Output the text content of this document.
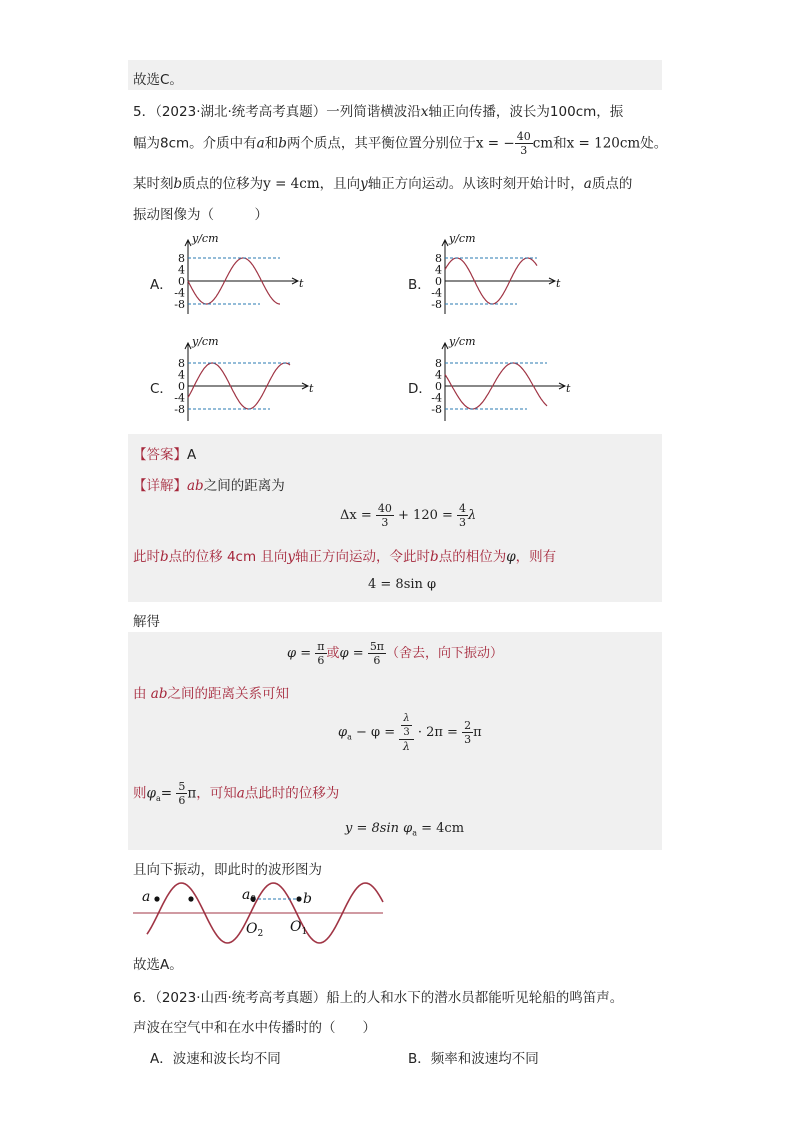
故选C。
5．（2023·湖北·统考高考真题）一列简谐横波沿x轴正向传播，波长为100cm，振
幅为8cm。介质中有a和b两个质点，其平衡位置分别位于x = − $\frac{40}{3}$ cm和x = 120cm处。
某时刻b质点的位移为y = 4cm，且向y轴正方向运动。从该时刻开始计时，a质点的
振动图像为（　　　）
A．
y/cm
t
8
4
0
-4
-8
B．
y/cm
t
8
4
0
-4
-8
C．
y/cm
t
8
4
0
-4
-8
D．
y/cm
t
8
4
0
-4
-8
【答案】A
【详解】ab之间的距离为
$\Delta x = \frac{40}{3} + 120 = \frac{4}{3}$ λ
此时b点的位移 4cm 且向y轴正方向运动，令此时b点的相位为φ，则有
4 = 8sin φ
解得
$\varphi = \frac{\pi}{6}$ 或$\varphi = \frac{5\pi}{6}$ （舍去，向下振动）
由 ab之间的距离关系可知
$\varphi_a - \varphi = \frac{\frac{\lambda}{3}}{\lambda} \cdot 2\pi = \frac{2}{3}$ π
则$\varphi_a= \frac{5}{6}$ π，可知a点此时的位移为
y = 8sin $\varphi_a = 4cm$
且向下振动，即此时的波形图为
a	$a_0$	b
$O_2$ $O_1$
故选A。
6．（2023·山西·统考高考真题）船上的人和水下的潜水员都能听见轮船的鸣笛声。
声波在空气中和在水中传播时的（　　）
A．波速和波长均不同	B．频率和波速均不同
